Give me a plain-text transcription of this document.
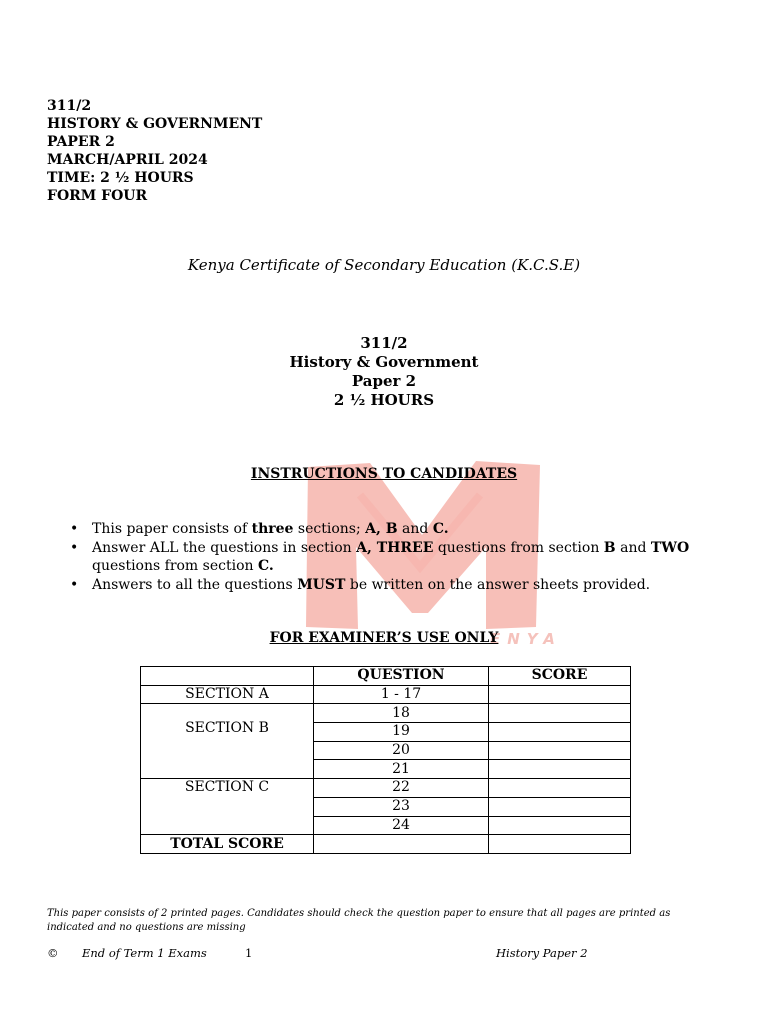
311/2
HISTORY & GOVERNMENT
PAPER 2
MARCH/APRIL 2024
TIME: 2 ½ HOURS
FORM FOUR
Kenya Certificate of Secondary Education (K.C.S.E)
311/2
History & Government
Paper 2
2 ½ HOURS
ENYA
INSTRUCTIONS TO CANDIDATES
• This paper consists of three sections; A, B and C.
• Answer ALL the questions in section A, THREE questions from section B and TWO questions from section C.
• Answers to all the questions MUST be written on the answer sheets provided.
FOR EXAMINER’S USE ONLY
	QUESTION	SCORE
SECTION A	1 - 17	
SECTION B	18	
	19	
	20	
	21	
SECTION C	22	
	23	
	24	
TOTAL SCORE		
This paper consists of 2 printed pages. Candidates should check the question paper to ensure that all pages are printed as indicated and no questions are missing
© End of Term 1 Exams	1	History Paper 2
